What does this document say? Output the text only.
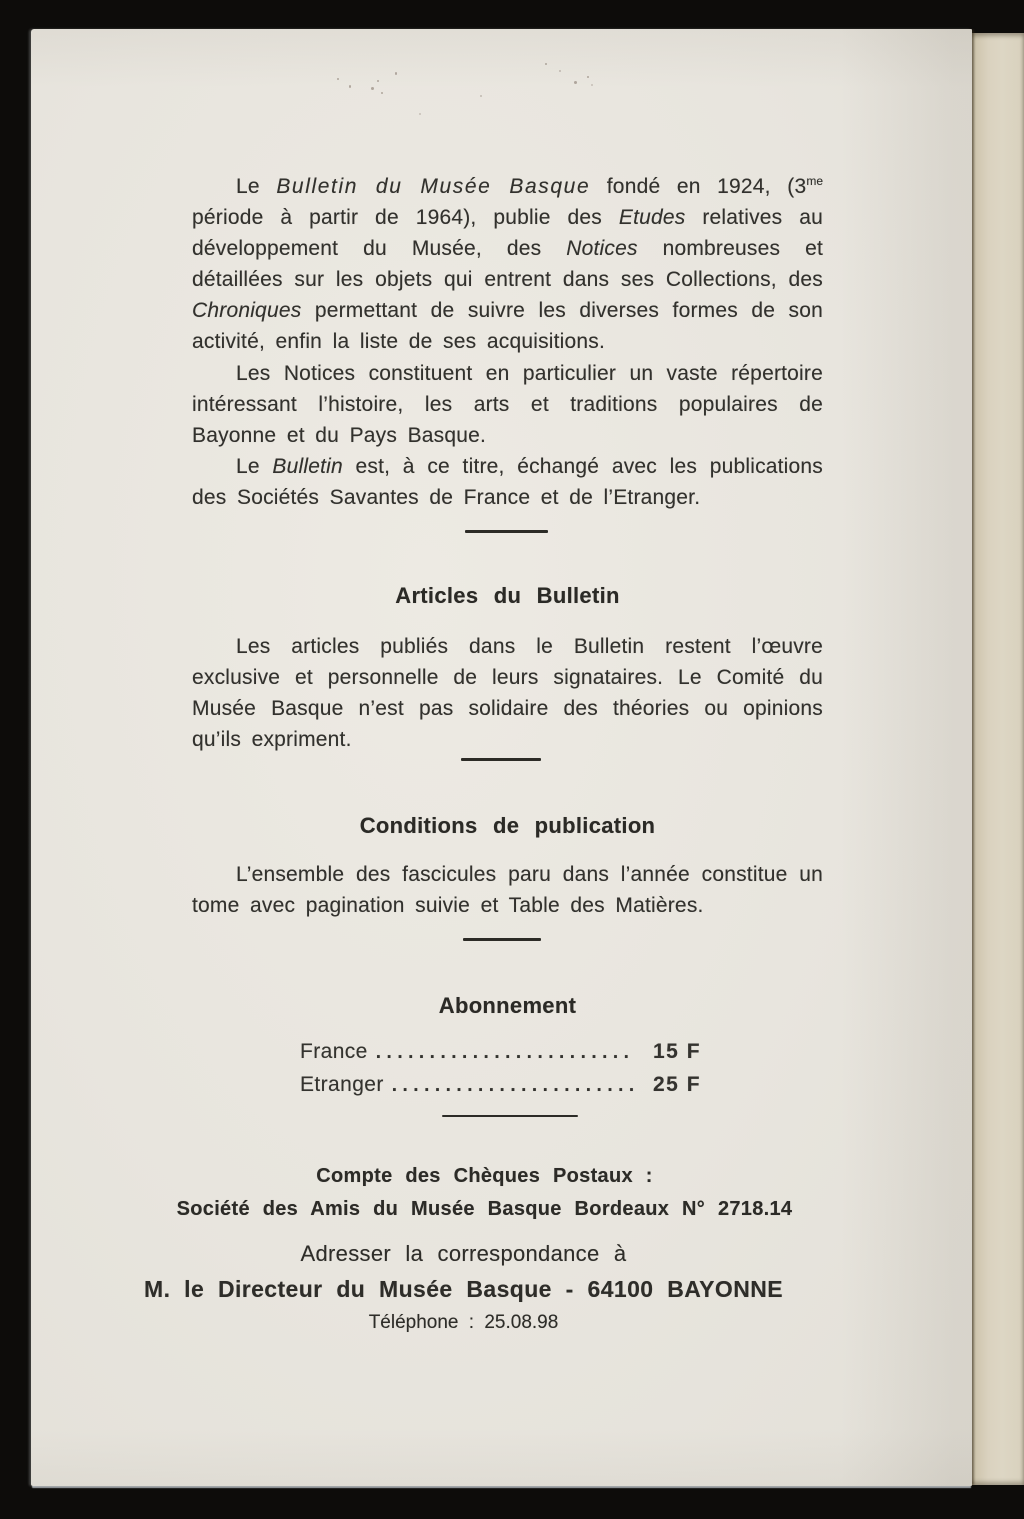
Le Bulletin du Musée Basque fondé en 1924, ($3^{me}$ période à partir de 1964), publie des Etudes relatives au développement du Musée, des Notices nombreuses et détaillées sur les objets qui entrent dans ses Collections, des Chroniques permettant de suivre les diverses formes de son activité, enfin la liste de ses acquisitions.

Les Notices constituent en particulier un vaste répertoire intéressant l’histoire, les arts et traditions populaires de Bayonne et du Pays Basque.

Le Bulletin est, à ce titre, échangé avec les publications des Sociétés Savantes de France et de l’Etranger.

Articles du Bulletin

Les articles publiés dans le Bulletin restent l’œuvre exclusive et personnelle de leurs signataires. Le Comité du Musée Basque n’est pas solidaire des théories ou opinions qu’ils expriment.

Conditions de publication

L’ensemble des fascicules paru dans l’année constitue un tome avec pagination suivie et Table des Matières.

Abonnement
France ........................ 15 F
Etranger ....................... 25 F
Compte des Chèques Postaux :
Société des Amis du Musée Basque Bordeaux N° 2718.14
Adresser la correspondance à
M. le Directeur du Musée Basque - 64100 BAYONNE
Téléphone : 25.08.98
